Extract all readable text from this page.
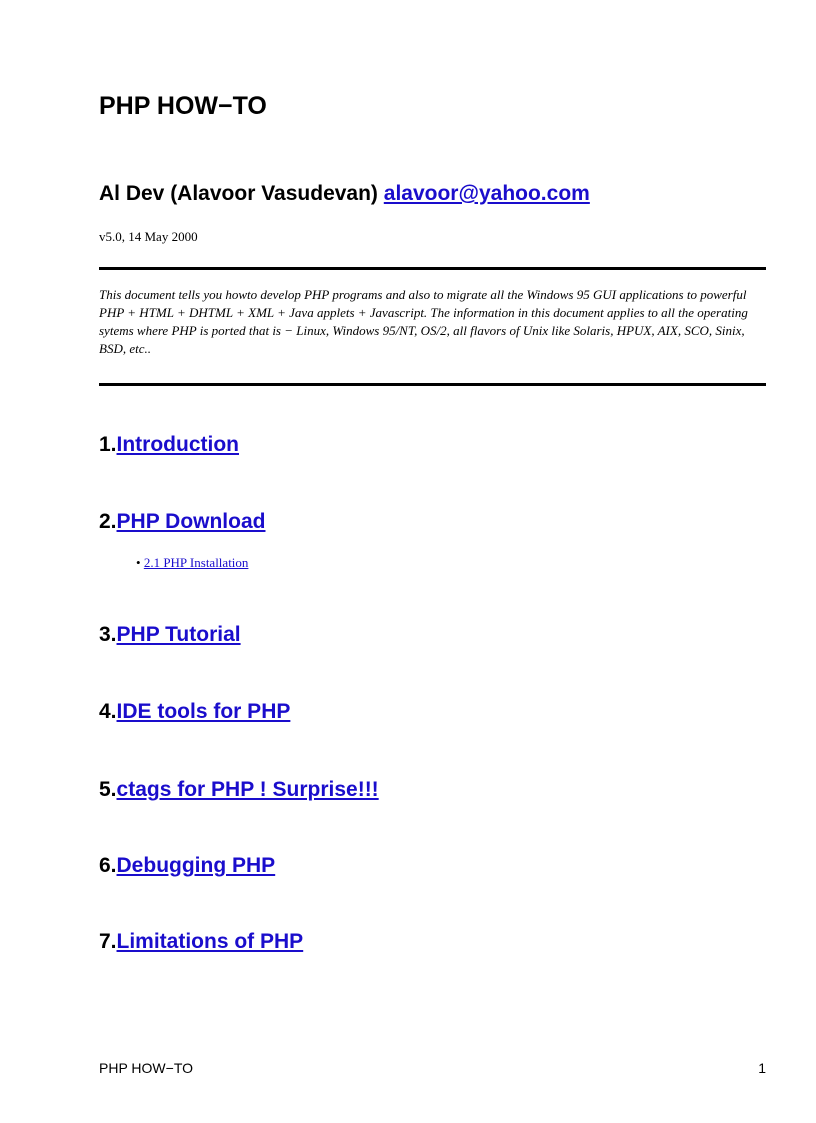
PHP HOW−TO
Al Dev (Alavoor Vasudevan) alavoor@yahoo.com
v5.0, 14 May 2000

This document tells you howto develop PHP programs and also to migrate all the Windows 95 GUI applications to powerful PHP + HTML + DHTML + XML + Java applets + Javascript. The information in this document applies to all the operating sytems where PHP is ported that is − Linux, Windows 95/NT, OS/2, all flavors of Unix like Solaris, HPUX, AIX, SCO, Sinix, BSD, etc..

1.Introduction
2.PHP Download
• 2.1 PHP Installation
3.PHP Tutorial
4.IDE tools for PHP
5.ctags for PHP ! Surprise!!!
6.Debugging PHP
7.Limitations of PHP
PHP HOW−TO	1
